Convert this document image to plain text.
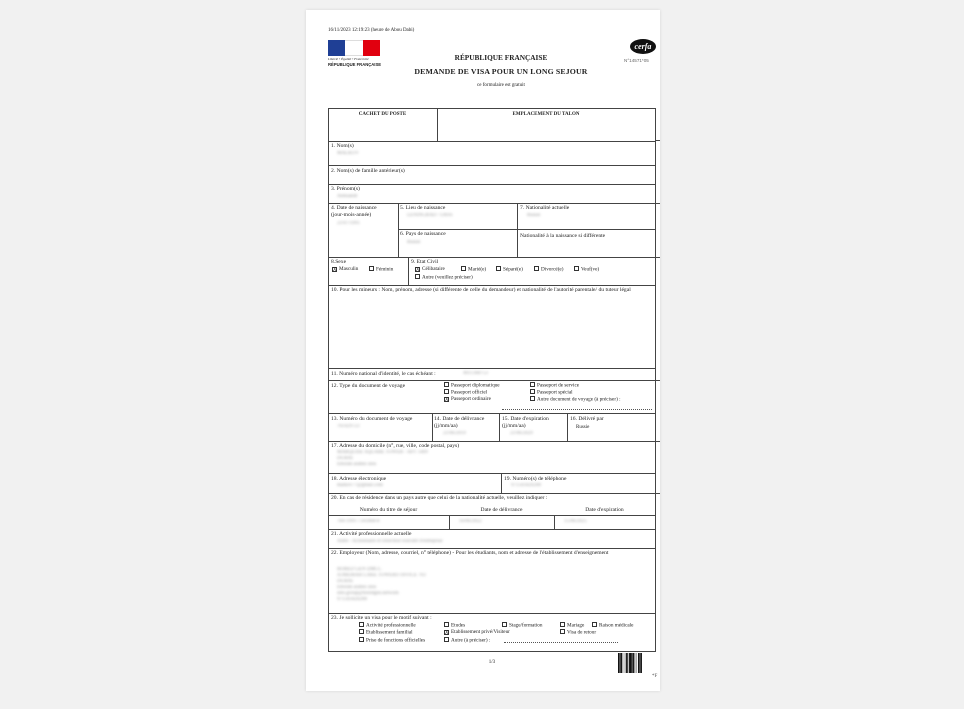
16/11/2023 12:19:23 (heure de Abou Dabi)
Liberté • Égalité • Fraternité
RÉPUBLIQUE FRANÇAISE
RÉPUBLIQUE FRANÇAISE
DEMANDE DE VISA POUR UN LONG SEJOUR
ce formulaire est gratuit
cerfa
N°14571*05
CACHET DU POSTE	EMPLACEMENT DU TALON
1. Nom(s)
MALKOV
2. Nom(s) de famille antérieur(s)
3. Prénom(s)
Aleksandr
4. Date de naissance
(jour-mois-année)
21/07/1991
5. Lieu de naissance
LENINGRAD / URSS
7. Nationalité actuelle
Russie
6. Pays de naissance
Russie
Nationalité à la naissance si différente
8.Sexe
X Masculin	Féminin
9. Etat Civil
X Célibataire	Marié(e)	Séparé(e)	Divorcé(e)	Veuf(ve)
Autre (veuillez préciser)
10. Pour les mineurs : Nom, prénom, adresse (si différente de celle du demandeur) et nationalité de l'autorité parentale/ du tuteur légal
11. Numéro national d'identité, le cas échéant :	4011368753
12. Type du document de voyage	Passeport diplomatique
Passeport officiel
X Passeport ordinaire
Passeport de service
Passeport spécial
Autre document de voyage (à préciser) :
13. Numéro du document de voyage
761429723
14. Date de délivrance
(jj/mm/aa)
21/06/2019
15. Date d'expiration
(jj/mm/aa)
21/06/2029
16. Délivré par
Russie
17. Adresse du domicile (n°, rue, ville, code postal, pays)
MARQUISE SQUARE TOWER - APT 1409
DUBAI
Emirats arabes unis
18. Adresse électronique
malkov77@gmail.com
19. Numéro(s) de téléphone
971503426200
20. En cas de résidence dans un pays autre que celui de la nationalité actuelle, veuillez indiquer :
Numéro du titre de séjour	Date de délivrance	Date d'expiration
784-1991-7341868-8	16/06/2022	15/06/2025
21. Activité professionnelle actuelle
Autre - Actionnaire et Directeur exécutif d'entreprise
22. Employeur (Nom, adresse, courriel, n° téléphone) - Pour les étudiants, nom et adresse de l'établissement d'enseignement
BORED GEN DMCC
JUMEIRAH LAKE TOWERS OFFICE 703
DUBAI
Emirats arabes unis
info.group@boredgen.network
971503426200
23. Je sollicite un visa pour le motif suivant :
Activité professionnelle
Etablissement familial
Prise de fonctions officielles
Etudes
X Etablissement privé/Visiteur
Autre (à préciser) :
Stage/formation	Mariage
Visa de retour
Raison médicale
1/3
*F
